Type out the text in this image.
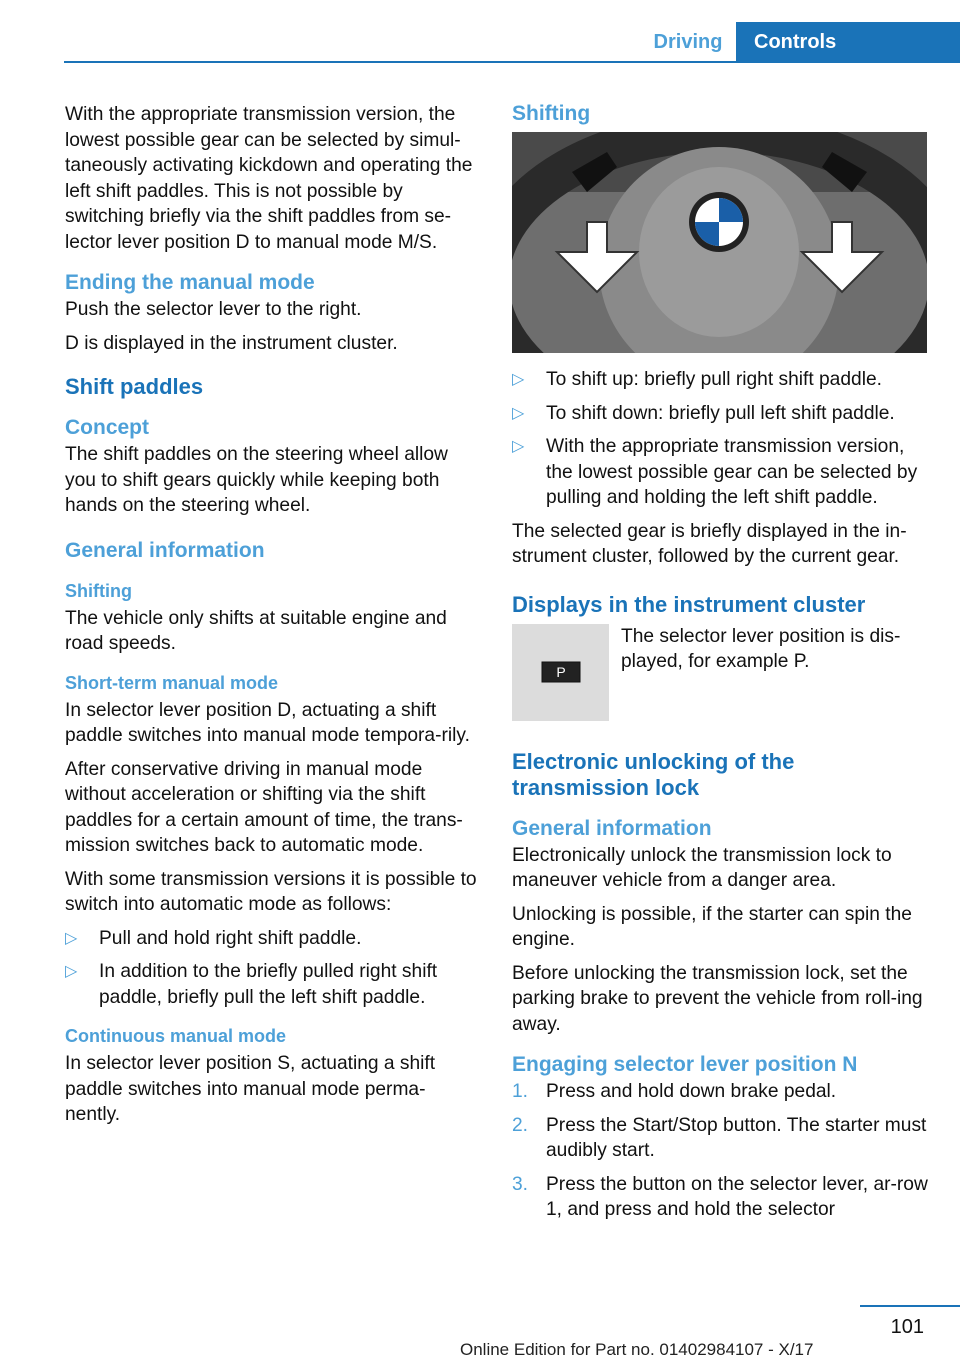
Driving	Controls

With the appropriate transmission version, the lowest possible gear can be selected by simul‐taneously activating kickdown and operating the left shift paddles. This is not possible by switching briefly via the shift paddles from se‐lector lever position D to manual mode M/S.

Ending the manual mode

Push the selector lever to the right.

D is displayed in the instrument cluster.

Shift paddles
Concept

The shift paddles on the steering wheel allow you to shift gears quickly while keeping both hands on the steering wheel.

General information
Shifting

The vehicle only shifts at suitable engine and road speeds.

Short-term manual mode

In selector lever position D, actuating a shift paddle switches into manual mode tempora‐rily.

After conservative driving in manual mode without acceleration or shifting via the shift paddles for a certain amount of time, the trans‐mission switches back to automatic mode.

With some transmission versions it is possible to switch into automatic mode as follows:

▷ Pull and hold right shift paddle.
▷ In addition to the briefly pulled right shift paddle, briefly pull the left shift paddle.
Continuous manual mode

In selector lever position S, actuating a shift paddle switches into manual mode perma‐nently.

Shifting
▷ To shift up: briefly pull right shift paddle.
▷ To shift down: briefly pull left shift paddle.
▷ With the appropriate transmission version, the lowest possible gear can be selected by pulling and holding the left shift paddle.

The selected gear is briefly displayed in the in‐strument cluster, followed by the current gear.

Displays in the instrument cluster
P
The selector lever position is dis‐played, for example P.
Electronic unlocking of the transmission lock
General information

Electronically unlock the transmission lock to maneuver vehicle from a danger area.

Unlocking is possible, if the starter can spin the engine.

Before unlocking the transmission lock, set the parking brake to prevent the vehicle from roll‐ing away.

Engaging selector lever position N
1. Press and hold down brake pedal.
2. Press the Start/Stop button. The starter must audibly start.
3. Press the button on the selector lever, ar‐row 1, and press and hold the selector
101
Online Edition for Part no. 01402984107 - X/17
